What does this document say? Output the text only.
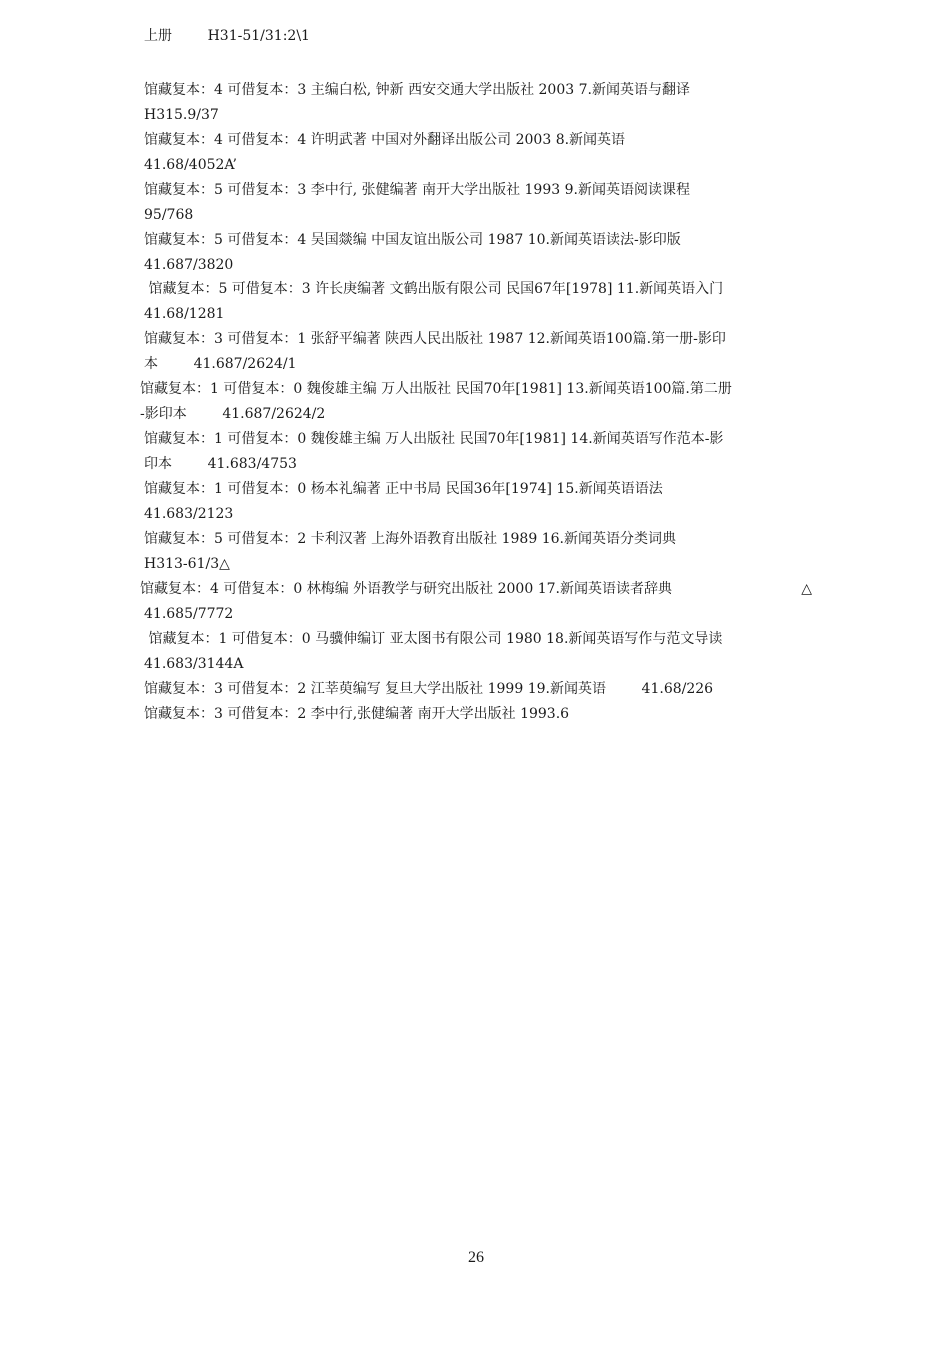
上册        H31-51/31:2\1
馆藏复本：4 可借复本：3 主编白松, 钟新 西安交通大学出版社 2003 7.新闻英语与翻译
H315.9/37
馆藏复本：4 可借复本：4 许明武著 中国对外翻译出版公司 2003 8.新闻英语
41.68/4052A’
馆藏复本：5 可借复本：3 李中行, 张健编著 南开大学出版社 1993 9.新闻英语阅读课程
95/768
馆藏复本：5 可借复本：4 吴国燚编 中国友谊出版公司 1987 10.新闻英语读法-影印版
41.687/3820
馆藏复本：5 可借复本：3 许长庚编著 文鹤出版有限公司 民国67年[1978] 11.新闻英语入门
41.68/1281
馆藏复本：3 可借复本：1 张舒平编著 陕西人民出版社 1987 12.新闻英语100篇.第一册-影印
本        41.687/2624/1
馆藏复本：1 可借复本：0 魏俊雄主编 万人出版社 民国70年[1981] 13.新闻英语100篇.第二册
-影印本        41.687/2624/2
馆藏复本：1 可借复本：0 魏俊雄主编 万人出版社 民国70年[1981] 14.新闻英语写作范本-影
印本        41.683/4753
馆藏复本：1 可借复本：0 杨本礼编著 正中书局 民国36年[1974] 15.新闻英语语法
41.683/2123
馆藏复本：5 可借复本：2 卡利汉著 上海外语教育出版社 1989 16.新闻英语分类词典
H313-61/3△
馆藏复本：4 可借复本：0 林梅编 外语教学与研究出版社 2000 17.新闻英语读者辞典	△
41.685/7772
馆藏复本：1 可借复本：0 马骥伸编订 亚太图书有限公司 1980 18.新闻英语写作与范文导读
41.683/3144A
馆藏复本：3 可借复本：2 江莘萸编写 复旦大学出版社 1999 19.新闻英语        41.68/226
馆藏复本：3 可借复本：2 李中行,张健编著 南开大学出版社 1993.6
26
